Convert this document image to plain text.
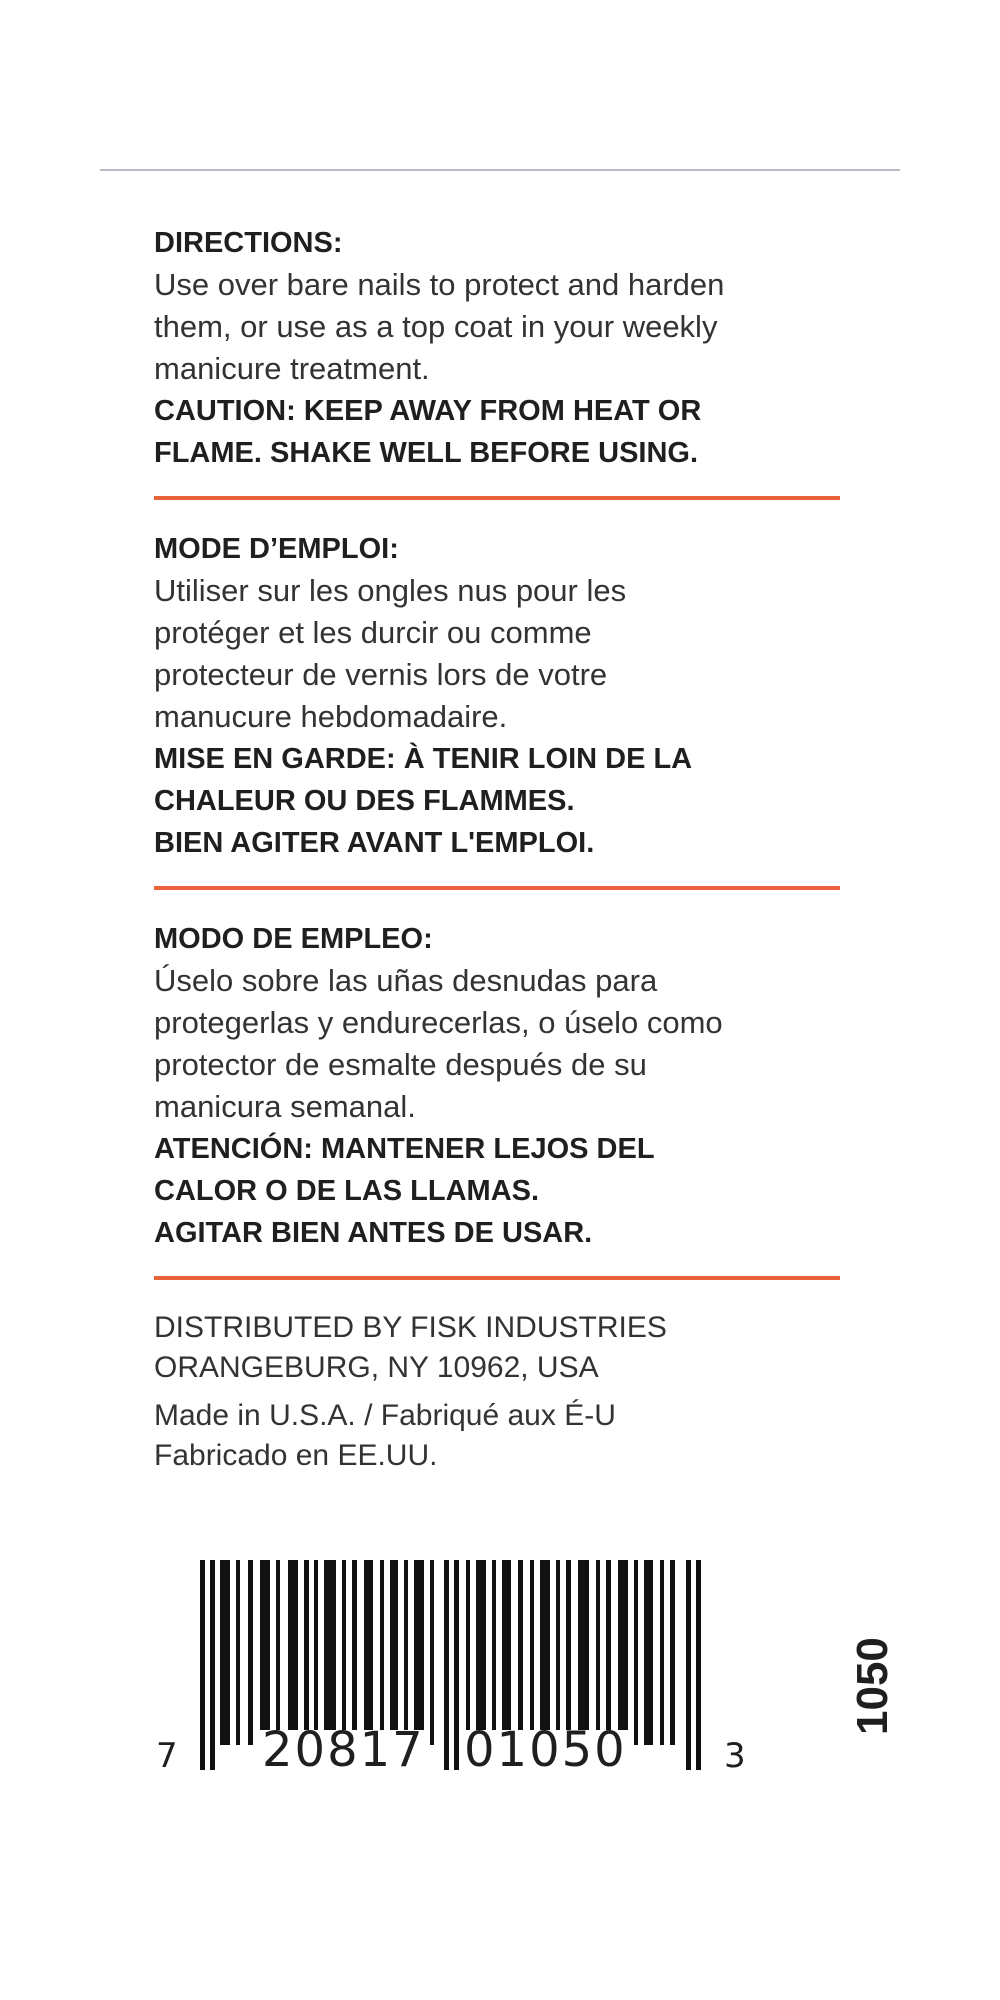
DIRECTIONS:
Use over bare nails to protect and harden
them, or use as a top coat in your weekly
manicure treatment.
CAUTION: KEEP AWAY FROM HEAT OR
FLAME. SHAKE WELL BEFORE USING.
MODE D’EMPLOI:
Utiliser sur les ongles nus pour les
protéger et les durcir ou comme
protecteur de vernis lors de votre
manucure hebdomadaire.
MISE EN GARDE: À TENIR LOIN DE LA
CHALEUR OU DES FLAMMES.
BIEN AGITER AVANT L'EMPLOI.
MODO DE EMPLEO:
Úselo sobre las uñas desnudas para
protegerlas y endurecerlas, o úselo como
protector de esmalte después de su
manicura semanal.
ATENCIÓN: MANTENER LEJOS DEL
CALOR O DE LAS LLAMAS.
AGITAR BIEN ANTES DE USAR.
DISTRIBUTED BY FISK INDUSTRIES
ORANGEBURG, NY 10962, USA
Made in U.S.A. / Fabriqué aux É-U
Fabricado en EE.UU.
7 20817 01050	3
1050
